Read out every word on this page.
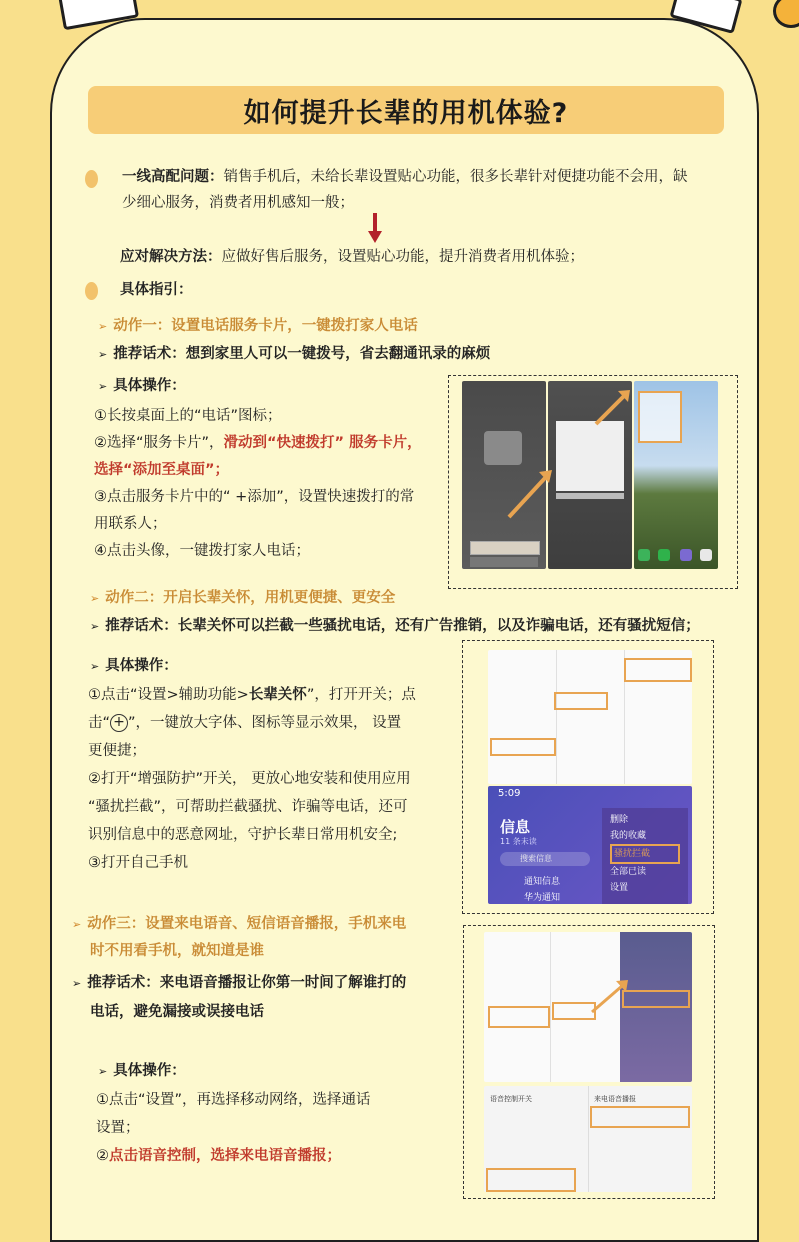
如何提升长辈的用机体验?
一线高配问题：销售手机后，未给长辈设置贴心功能，很多长辈针对便捷功能不会用，缺
少细心服务，消费者用机感知一般；
应对解决方法：应做好售后服务，设置贴心功能，提升消费者用机体验；
具体指引：
➢ 动作一：设置电话服务卡片，一键拨打家人电话
➢ 推荐话术：想到家里人可以一键拨号，省去翻通讯录的麻烦
➢ 具体操作：
①长按桌面上的“电话”图标；
②选择“服务卡片”，滑动到“快速拨打” 服务卡片，
选择“添加至桌面”；
③点击服务卡片中的“ +添加”，设置快速拨打的常
用联系人；
④点击头像，一键拨打家人电话；
➢ 动作二：开启长辈关怀，用机更便捷、更安全
➢ 推荐话术：长辈关怀可以拦截一些骚扰电话，还有广告推销，以及诈骗电话，还有骚扰短信；
➢ 具体操作：
①点击“设置>辅助功能>长辈关怀”，打开开关；点
击“ + ”，一键放大字体、图标等显示效果， 设置
更便捷；
②打开“增强防护”开关， 更放心地安装和使用应用
“骚扰拦截”，可帮助拦截骚扰、诈骗等电话，还可
识别信息中的恶意网址，守护长辈日常用机安全;
③打开自己手机
5:09
信息
11 条未读
搜索信息
通知信息
华为通知
删除
我的收藏
骚扰拦截
全部已读
设置
➢ 动作三：设置来电语音、短信语音播报，手机来电
时不用看手机，就知道是谁
➢ 推荐话术：来电语音播报让你第一时间了解谁打的
电话，避免漏接或误接电话
➢ 具体操作：
①点击“设置”，再选择移动网络，选择通话
设置；
②点击语音控制，选择来电语音播报；
语音控制开关	来电语音播报
